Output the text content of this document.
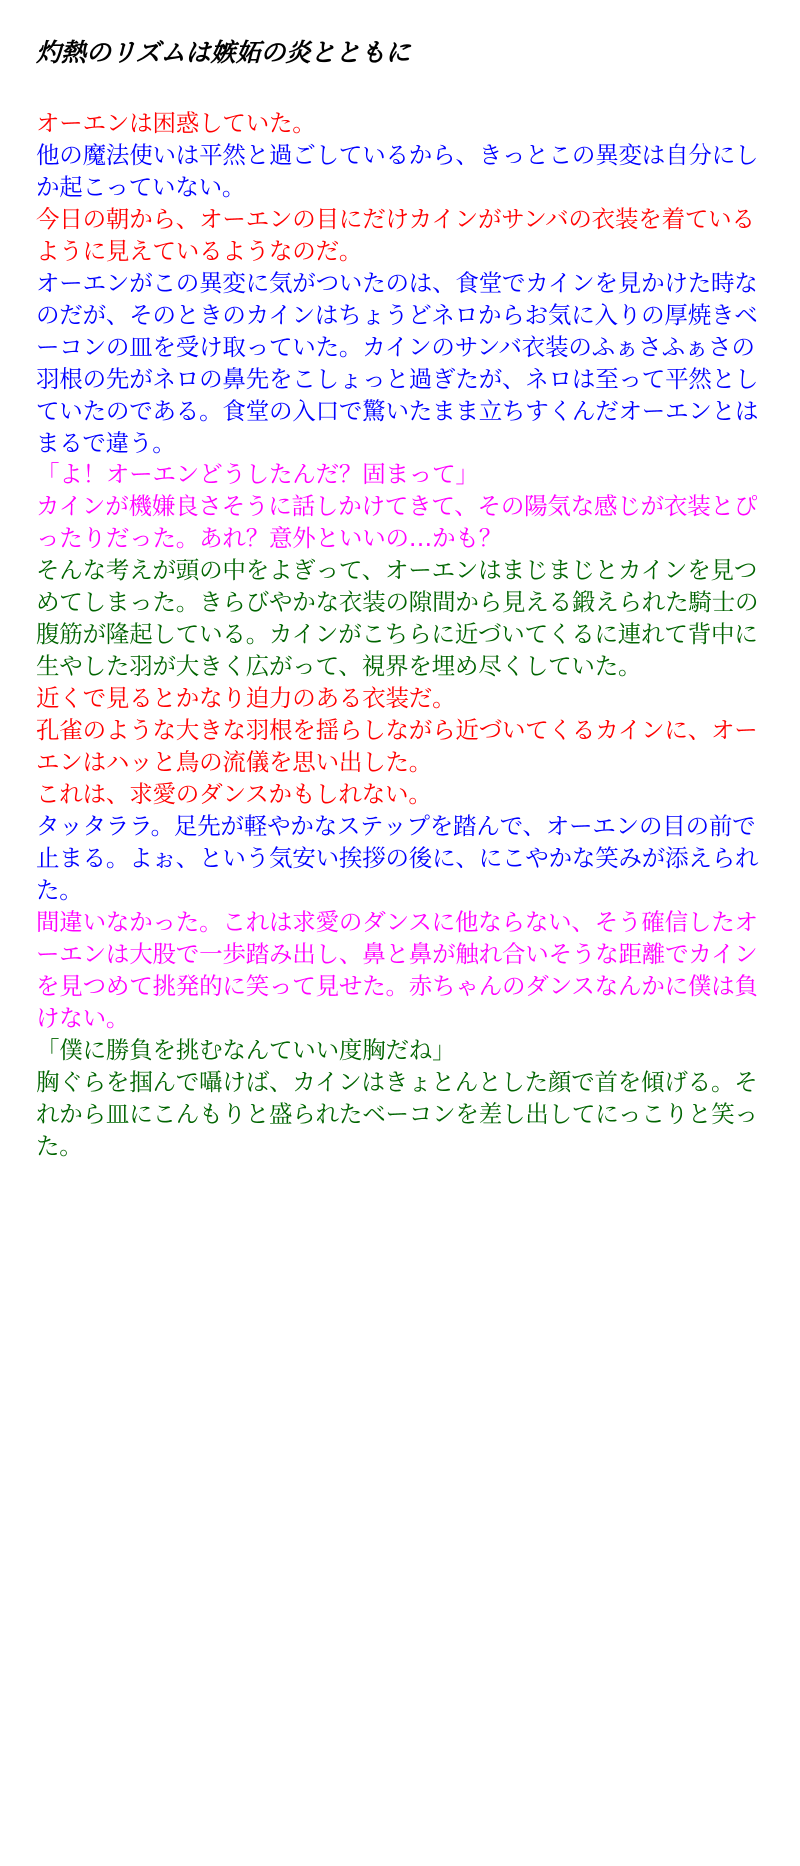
灼熱のリズムは嫉妬の炎とともに

オーエンは困惑していた。

他の魔法使いは平然と過ごしているから、きっとこの異変は自分にしか起こっていない。

今日の朝から、オーエンの目にだけカインがサンバの衣装を着ているように見えているようなのだ。

オーエンがこの異変に気がついたのは、食堂でカインを見かけた時なのだが、そのときのカインはちょうどネロからお気に入りの厚焼きベーコンの皿を受け取っていた。カインのサンバ衣装のふぁさふぁさの羽根の先がネロの鼻先をこしょっと過ぎたが、ネロは至って平然としていたのである。食堂の入口で驚いたまま立ちすくんだオーエンとはまるで違う。

「よ！オーエンどうしたんだ？固まって」

カインが機嫌良さそうに話しかけてきて、その陽気な感じが衣装とぴったりだった。あれ？意外といいの…かも？

そんな考えが頭の中をよぎって、オーエンはまじまじとカインを見つめてしまった。きらびやかな衣装の隙間から見える鍛えられた騎士の腹筋が隆起している。カインがこちらに近づいてくるに連れて背中に生やした羽が大きく広がって、視界を埋め尽くしていた。

近くで見るとかなり迫力のある衣装だ。

孔雀のような大きな羽根を揺らしながら近づいてくるカインに、オーエンはハッと鳥の流儀を思い出した。

これは、求愛のダンスかもしれない。

タッタララ。足先が軽やかなステップを踏んで、オーエンの目の前で止まる。よぉ、という気安い挨拶の後に、にこやかな笑みが添えられた。

間違いなかった。これは求愛のダンスに他ならない、そう確信したオーエンは大股で一歩踏み出し、鼻と鼻が触れ合いそうな距離でカインを見つめて挑発的に笑って見せた。赤ちゃんのダンスなんかに僕は負けない。

「僕に勝負を挑むなんていい度胸だね」

胸ぐらを掴んで囁けば、カインはきょとんとした顔で首を傾げる。それから皿にこんもりと盛られたベーコンを差し出してにっこりと笑った。
